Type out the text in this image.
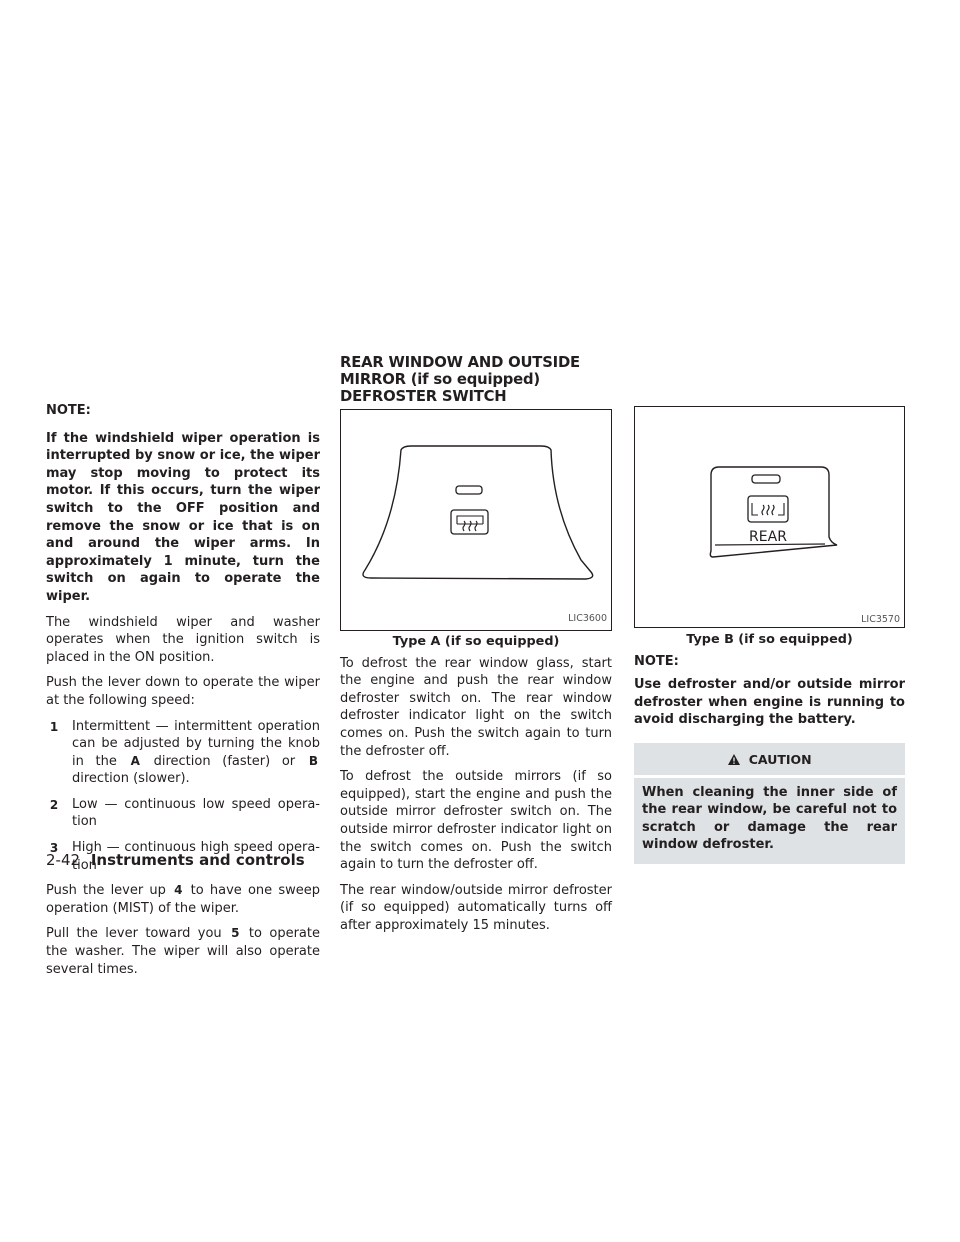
NOTE:

If the windshield wiper operation is interrupted by snow or ice, the wiper may stop moving to protect its motor. If this occurs, turn the wiper switch to the OFF position and remove the snow or ice that is on and around the wiper arms. In approximately 1 minute, turn the switch on again to operate the wiper.

The windshield wiper and washer operates when the ignition switch is placed in the ON position.

Push the lever down to operate the wiper at the following speed:

1 Intermittent — intermittent operation can be adjusted by turning the knob in the A direction (faster) or B direction (slower).
2 Low — continuous low speed operation
3 High — continuous high speed operation

Push the lever up 4 to have one sweep operation (MIST) of the wiper.

Pull the lever toward you 5 to operate the washer. The wiper will also operate several times.

REAR WINDOW AND OUTSIDE
MIRROR (if so equipped)
DEFROSTER SWITCH
LIC3600
Type A (if so equipped)

To defrost the rear window glass, start the engine and push the rear window defroster switch on. The rear window defroster indicator light on the switch comes on. Push the switch again to turn the defroster off.

To defrost the outside mirrors (if so equipped), start the engine and push the outside mirror defroster switch on. The outside mirror defroster indicator light on the switch comes on. Push the switch again to turn the defroster off.

The rear window/outside mirror defroster (if so equipped) automatically turns off after approximately 15 minutes.

REAR
LIC3570
Type B (if so equipped)

NOTE:

Use defroster and/or outside mirror defroster when engine is running to avoid discharging the battery.

CAUTION

When cleaning the inner side of the rear window, be careful not to scratch or damage the rear window defroster.

2-42 Instruments and controls
